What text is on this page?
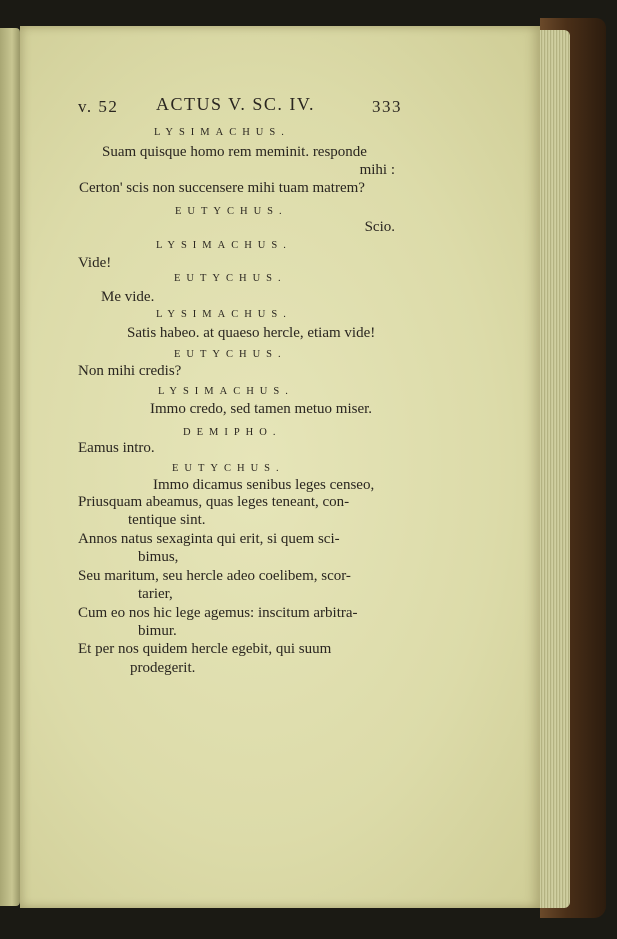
v. 52 ACTUS V. SC. IV.	333
LYSIMACHUS.
Suam quisque homo rem meminit. responde
mihi :
Certon' scis non succensere mihi tuam matrem?
EUTYCHUS.
Scio.
LYSIMACHUS.
Vide!
EUTYCHUS.
Me vide.
LYSIMACHUS.
Satis habeo. at quaeso hercle, etiam vide!
EUTYCHUS.
Non mihi credis?
LYSIMACHUS.
Immo credo, sed tamen metuo miser.
DEMIPHO.
Eamus intro.
EUTYCHUS.
Immo dicamus senibus leges censeo,
Priusquam abeamus, quas leges teneant, con-
tentique sint.
Annos natus sexaginta qui erit, si quem sci-
bimus,
Seu maritum, seu hercle adeo coelibem, scor-
tarier,
Cum eo nos hic lege agemus: inscitum arbitra-
bimur.
Et per nos quidem hercle egebit, qui suum
prodegerit.
